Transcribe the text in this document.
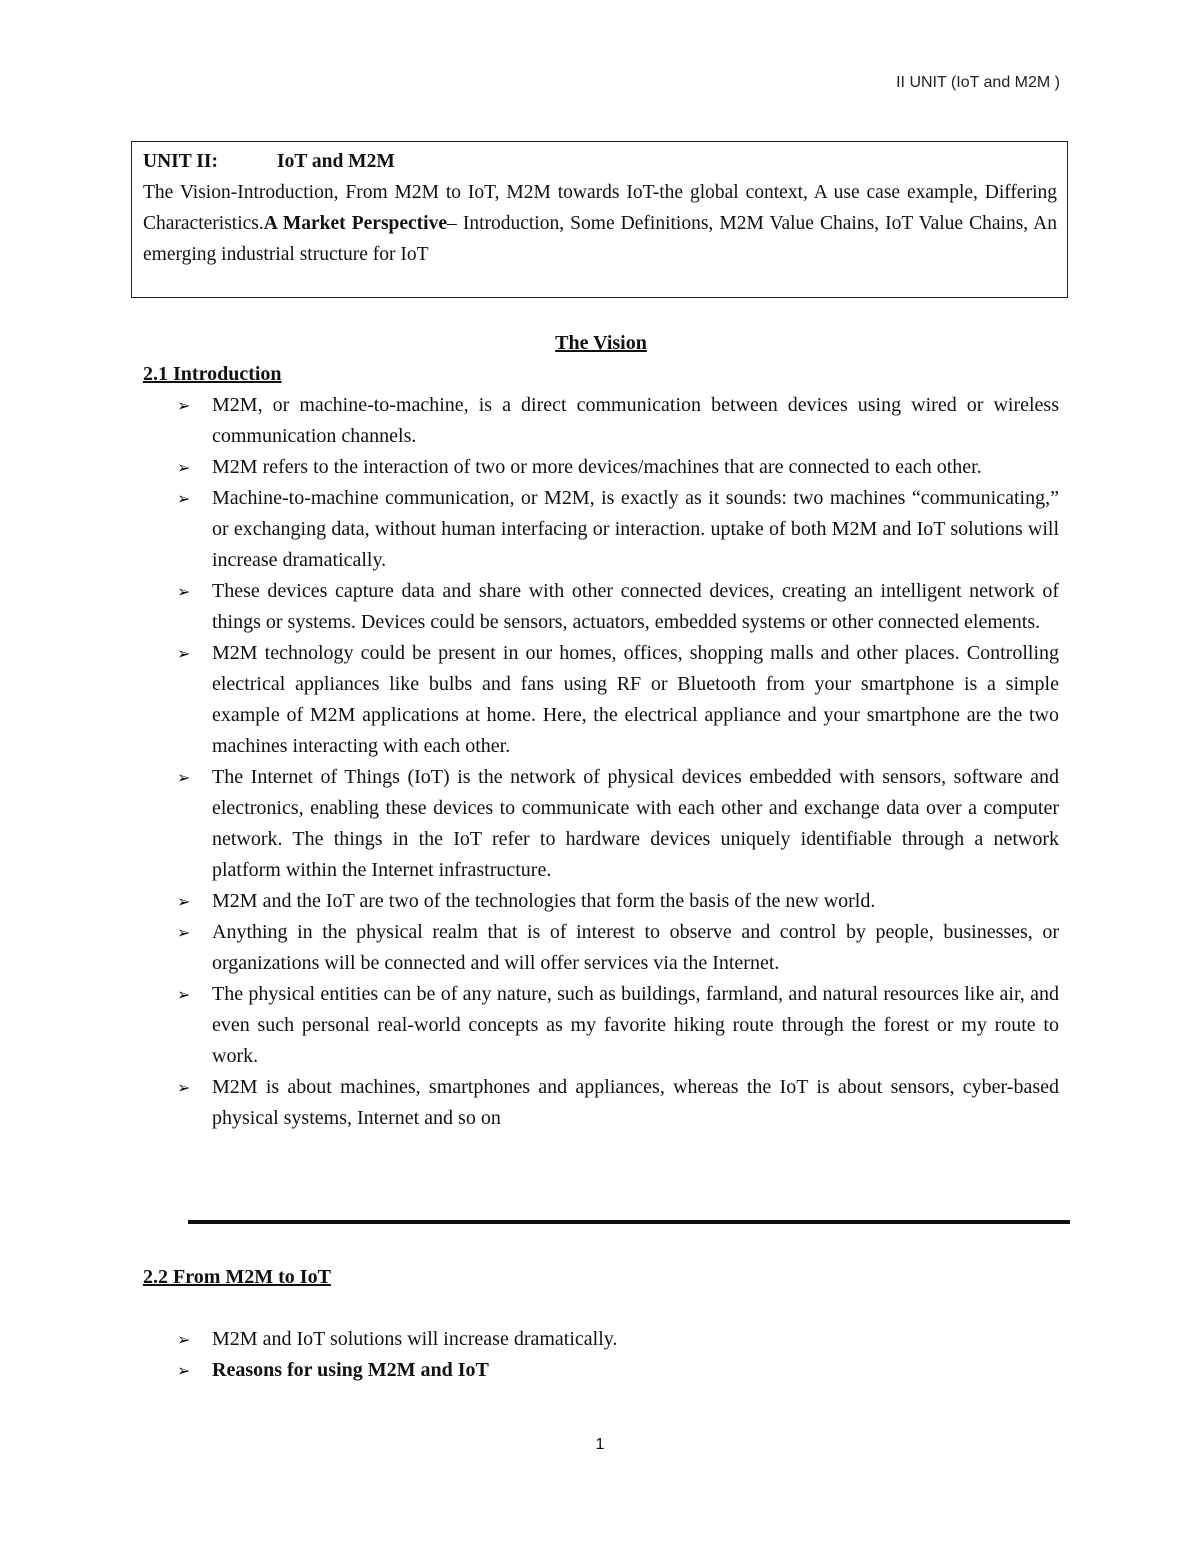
II UNIT (IoT and M2M )
UNIT II:	IoT and M2M
The Vision-Introduction, From M2M to IoT, M2M towards IoT-the global context, A use case example, Differing Characteristics.A Market Perspective– Introduction, Some Definitions, M2M Value Chains, IoT Value Chains, An emerging industrial structure for IoT

The Vision

2.1 Introduction

➢ M2M, or machine-to-machine, is a direct communication between devices using wired or wireless communication channels.
➢ M2M refers to the interaction of two or more devices/machines that are connected to each other.
➢ Machine-to-machine communication, or M2M, is exactly as it sounds: two machines “communicating,” or exchanging data, without human interfacing or interaction. uptake of both M2M and IoT solutions will increase dramatically.
➢ These devices capture data and share with other connected devices, creating an intelligent network of things or systems. Devices could be sensors, actuators, embedded systems or other connected elements.
➢ M2M technology could be present in our homes, offices, shopping malls and other places. Controlling electrical appliances like bulbs and fans using RF or Bluetooth from your smartphone is a simple example of M2M applications at home. Here, the electrical appliance and your smartphone are the two machines interacting with each other.
➢ The Internet of Things (IoT) is the network of physical devices embedded with sensors, software and electronics, enabling these devices to communicate with each other and exchange data over a computer network. The things in the IoT refer to hardware devices uniquely identifiable through a network platform within the Internet infrastructure.
➢ M2M and the IoT are two of the technologies that form the basis of the new world.
➢ Anything in the physical realm that is of interest to observe and control by people, businesses, or organizations will be connected and will offer services via the Internet.
➢ The physical entities can be of any nature, such as buildings, farmland, and natural resources like air, and even such personal real-world concepts as my favorite hiking route through the forest or my route to work.
➢ M2M is about machines, smartphones and appliances, whereas the IoT is about sensors, cyber-based physical systems, Internet and so on

2.2 From M2M to IoT

➢ M2M and IoT solutions will increase dramatically.
➢ Reasons for using M2M and IoT
1
